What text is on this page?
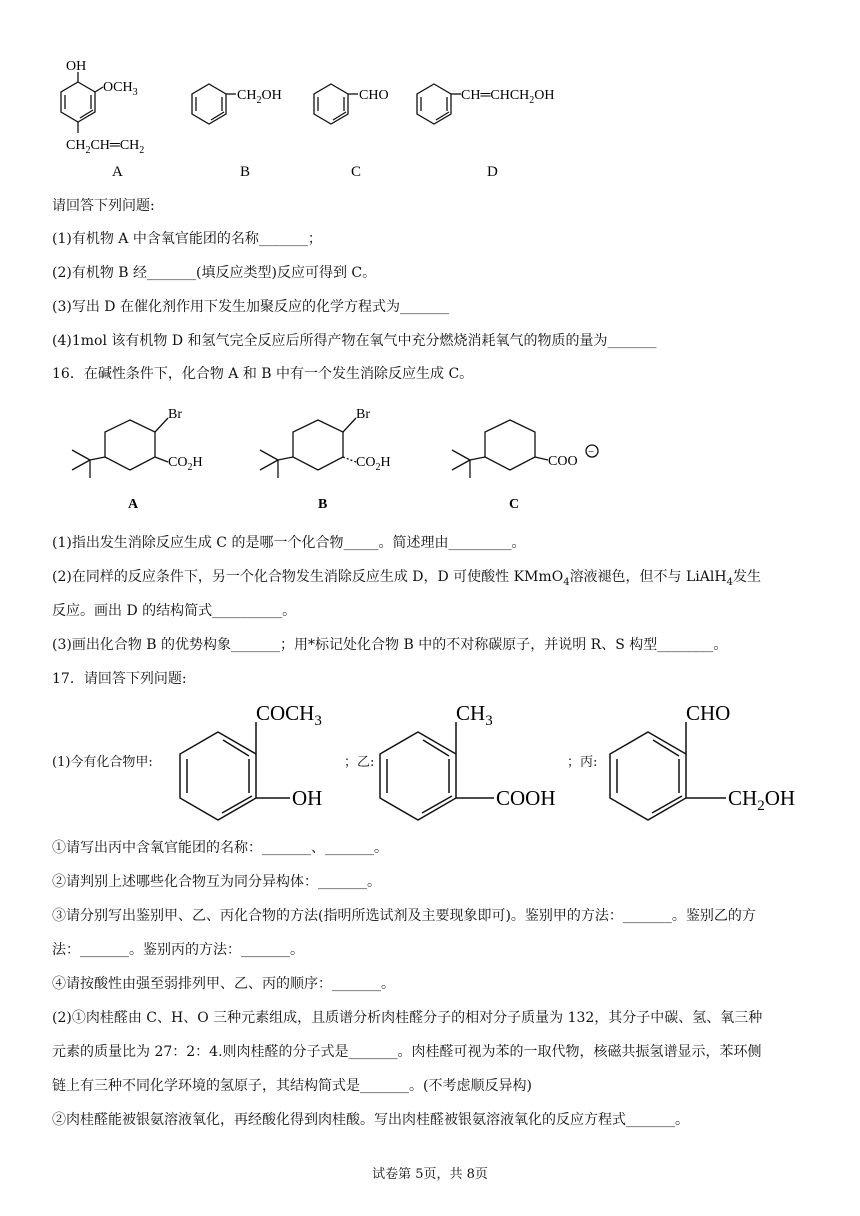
OH
$OCH_3$
$CH_2CH═CH_2$
A
$CH_2OH$
B
CHO
C
$CH═CHCH_2OH$
D
请回答下列问题:
(1)有机物 A 中含氧官能团的名称_______；
(2)有机物 B 经_______(填反应类型)反应可得到 C。
(3)写出 D 在催化剂作用下发生加聚反应的化学方程式为_______
(4)1mol 该有机物 D 和氢气完全反应后所得产物在氧气中充分燃烧消耗氧气的物质的量为_______
16．在碱性条件下，化合物 A 和 B 中有一个发生消除反应生成 C。
Br
$CO_2H$
A
Br
$CO_2H$
B
COO
−
C
(1)指出发生消除反应生成 C 的是哪一个化合物_____。简述理由_________。
(2)在同样的反应条件下，另一个化合物发生消除反应生成 D，D 可使酸性 KMmO$_4$溶液褪色，但不与 LiAlH$_4$发生
反应。画出 D 的结构简式__________。
(3)画出化合物 B 的优势构象_______；用*标记处化合物 B 中的不对称碳原子，并说明 R、S 构型________。
17．请回答下列问题:
(1)今有化合物甲:	；乙:	；丙:
$COCH_3$
OH
$CH_3$
COOH
CHO
$CH_2OH$
①请写出丙中含氧官能团的名称：_______、_______。
②请判别上述哪些化合物互为同分异构体：_______。
③请分别写出鉴别甲、乙、丙化合物的方法(指明所选试剂及主要现象即可)。鉴别甲的方法：_______。鉴别乙的方
法：_______。鉴别丙的方法：_______。
④请按酸性由强至弱排列甲、乙、丙的顺序：_______。
(2)①肉桂醛由 C、H、O 三种元素组成，且质谱分析肉桂醛分子的相对分子质量为 132，其分子中碳、氢、氧三种
元素的质量比为 27：2：4.则肉桂醛的分子式是_______。肉桂醛可视为苯的一取代物，核磁共振氢谱显示，苯环侧
链上有三种不同化学环境的氢原子，其结构简式是_______。(不考虑顺反异构)
②肉桂醛能被银氨溶液氧化，再经酸化得到肉桂酸。写出肉桂醛被银氨溶液氧化的反应方程式_______。
试卷第 5页，共 8页
